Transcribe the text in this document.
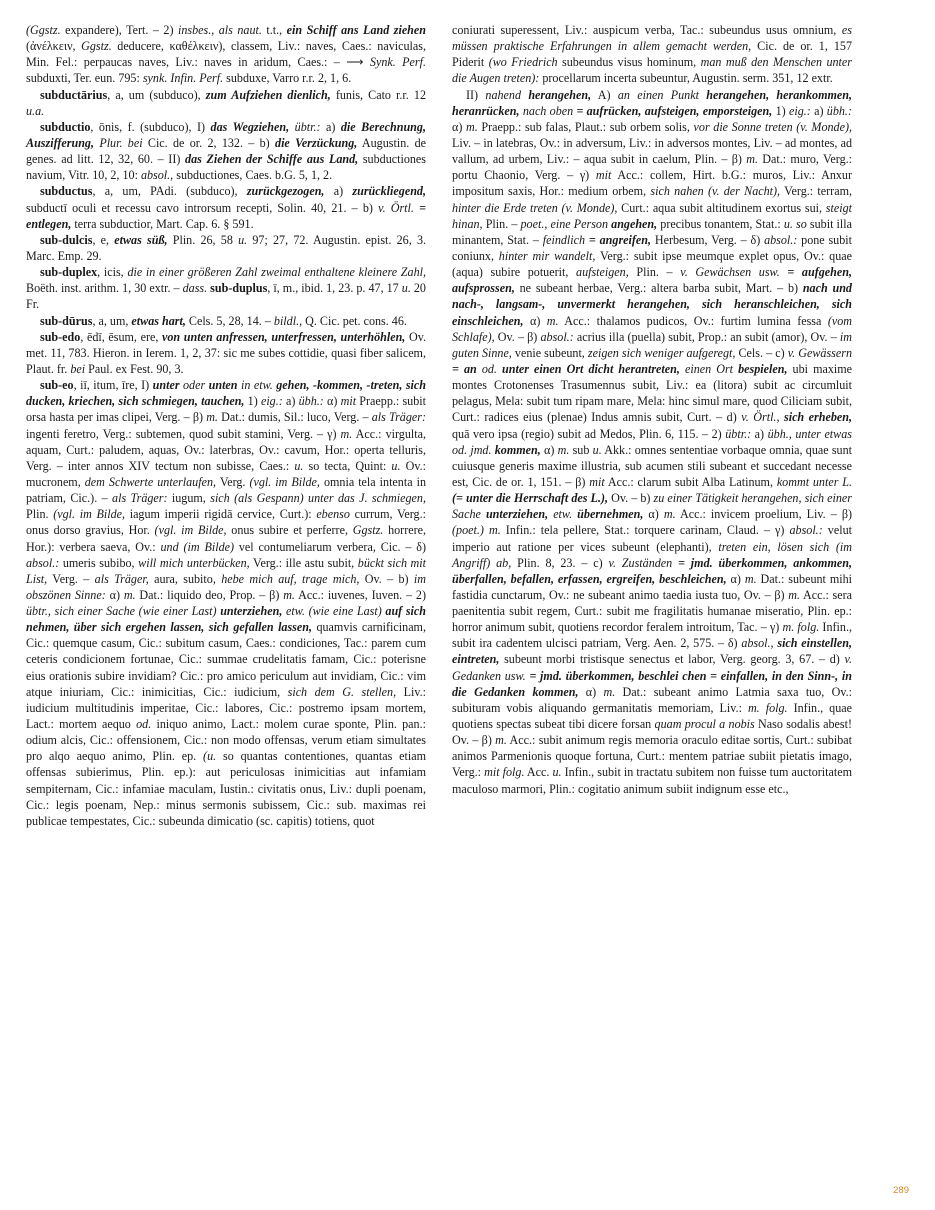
(Ggstz. expandere), Tert. – 2) insbes., als naut. t.t., ein Schiff ans Land ziehen (ἀνέλκειν, Ggstz. deducere, καθέλκειν), classem, Liv.: naves, Caes.: naviculas, Min. Fel.: perpaucas naves, Liv.: naves in aridum, Caes.: – ⟶ Synk. Perf. subduxti, Ter. eun. 795: synk. Infin. Perf. subduxe, Varro r.r. 2, 1, 6.

subductārius, a, um (subduco), zum Aufziehen dienlich, funis, Cato r.r. 12 u.a.

subductio, ōnis, f. (subduco), I) das Wegziehen, übtr.: a) die Berechnung, Auszifferung, Plur. bei Cic. de or. 2, 132. – b) die Verzückung, Augustin. de genes. ad litt. 12, 32, 60. – II) das Ziehen der Schiffe aus Land, subductiones navium, Vitr. 10, 2, 10: absol., subductiones, Caes. b.G. 5, 1, 2.

subductus, a, um, PAdi. (subduco), zurückgezogen, a) zurückliegend, subductī oculi et recessu cavo introrsum recepti, Solin. 40, 21. – b) v. Örtl. = entlegen, terra subductior, Mart. Cap. 6. § 591.

sub-dulcis, e, etwas süß, Plin. 26, 58 u. 97; 27, 72. Augustin. epist. 26, 3. Marc. Emp. 29.

sub-duplex, icis, die in einer größeren Zahl zweimal enthaltene kleinere Zahl, Boëth. inst. arithm. 1, 30 extr. – dass. sub-duplus, ī, m., ibid. 1, 23. p. 47, 17 u. 20 Fr.

sub-dūrus, a, um, etwas hart, Cels. 5, 28, 14. – bildl., Q. Cic. pet. cons. 46.

sub-edo, ēdī, ēsum, ere, von unten anfressen, unterfressen, unterhöhlen, Ov. met. 11, 783. Hieron. in Ierem. 1, 2, 37: sic me subes cottidie, quasi fiber salicem, Plaut. fr. bei Paul. ex Fest. 90, 3.

sub-eo, iī, itum, īre, I) unter oder unten in etw. gehen, -kommen, -treten, sich ducken, kriechen, sich schmiegen, tauchen, 1) eig.: a) übh.: α) mit Praepp.: subit orsa hasta per imas clipei, Verg. – β) m. Dat.: dumis, Sil.: luco, Verg. – als Träger: ingenti feretro, Verg.: subtemen, quod subit stamini, Verg. – γ) m. Acc.: virgulta, aquam, Curt.: paludem, aquas, Ov.: laterbras, Ov.: cavum, Hor.: operta telluris, Verg. – inter annos XIV tectum non subisse, Caes.: u. so tecta, Quint: u. Ov.: mucronem, dem Schwerte unterlaufen, Verg. (vgl. im Bilde, omnia tela intenta in patriam, Cic.). – als Träger: iugum, sich (als Gespann) unter das J. schmiegen, Plin. (vgl. im Bilde, iagum imperii rigidā cervice, Curt.): ebenso currum, Verg.: onus dorso gravius, Hor. (vgl. im Bilde, onus subire et perferre, Ggstz. horrere, Hor.): verbera saeva, Ov.: und (im Bilde) vel contumeliarum verbera, Cic. – δ) absol.: umeris subibo, will mich unterbücken, Verg.: ille astu subit, bückt sich mit List, Verg. – als Träger, aura, subito, hebe mich auf, trage mich, Ov. – b) im obszönen Sinne: α) m. Dat.: liquido deo, Prop. – β) m. Acc.: iuvenes, Iuven. – 2) übtr., sich einer Sache (wie einer Last) unterziehen, etw. (wie eine Last) auf sich nehmen, über sich ergehen lassen, sich gefallen lassen, quamvis carnificinam, Cic.: quemque casum, Cic.: subitum casum, Caes.: condiciones, Tac.: parem cum ceteris condicionem fortunae, Cic.: summae crudelitatis famam, Cic.: poterisne eius orationis subire invidiam? Cic.: pro amico periculum aut invidiam, Cic.: vim atque iniuriam, Cic.: inimicitias, Cic.: iudicium, sich dem G. stellen, Liv.: iudicium multitudinis imperitae, Cic.: labores, Cic.: postremo ipsam mortem, Lact.: mortem aequo od. iniquo animo, Lact.: molem curae sponte, Plin. pan.: odium alcis, Cic.: offensionem, Cic.: non modo offensas, verum etiam simultates pro alqo aequo animo, Plin. ep. (u. so quantas contentiones, quantas etiam offensas subierimus, Plin. ep.): aut periculosas inimicitias aut infamiam sempiternam, Cic.: infamiae maculam, Iustin.: civitatis onus, Liv.: dupli poenam, Cic.: legis poenam, Nep.: minus sermonis subissem, Cic.: sub. maximas rei publicae tempestates, Cic.: subeunda dimicatio (sc. capitis) totiens, quot

coniurati superessent, Liv.: auspicum verba, Tac.: subeundus usus omnium, es müssen praktische Erfahrungen in allem gemacht werden, Cic. de or. 1, 157 Piderit (wo Friedrich subeundus visus hominum, man muß den Menschen unter die Augen treten): procellarum incerta subeuntur, Augustin. serm. 351, 12 extr.

II) nahend herangehen, A) an einen Punkt herangehen, herankommen, heranrücken, nach oben = aufrücken, aufsteigen, emporsteigen, 1) eig.: a) übh.: α) m. Praepp.: sub falas, Plaut.: sub orbem solis, vor die Sonne treten (v. Monde), Liv. – in latebras, Ov.: in adversum, Liv.: in adversos montes, Liv. – ad montes, ad vallum, ad urbem, Liv.: – aqua subit in caelum, Plin. – β) m. Dat.: muro, Verg.: portu Chaonio, Verg. – γ) mit Acc.: collem, Hirt. b.G.: muros, Liv.: Anxur impositum saxis, Hor.: medium orbem, sich nahen (v. der Nacht), Verg.: terram, hinter die Erde treten (v. Monde), Curt.: aqua subit altitudinem exortus sui, steigt hinan, Plin. – poet., eine Person angehen, precibus tonantem, Stat.: u. so subit illa minantem, Stat. – feindlich = angreifen, Herbesum, Verg. – δ) absol.: pone subit coniunx, hinter mir wandelt, Verg.: subit ipse meumque explet opus, Ov.: quae (aqua) subire potuerit, aufsteigen, Plin. – v. Gewächsen usw. = aufgehen, aufsprossen, ne subeant herbae, Verg.: altera barba subit, Mart. – b) nach und nach-, langsam-, unvermerkt herangehen, sich heranschleichen, sich einschleichen, α) m. Acc.: thalamos pudicos, Ov.: furtim lumina fessa (vom Schlafe), Ov. – β) absol.: acrius illa (puella) subit, Prop.: an subit (amor), Ov. – im guten Sinne, venie subeunt, zeigen sich weniger aufgeregt, Cels. – c) v. Gewässern = an od. unter einen Ort dicht herantreten, einen Ort bespielen, ubi maxime montes Crotonenses Trasumennus subit, Liv.: ea (litora) subit ac circumluit pelagus, Mela: subit tum ripam mare, Mela: hinc simul mare, quod Ciliciam subit, Curt.: radices eius (plenae) Indus amnis subit, Curt. – d) v. Örtl., sich erheben, quā vero ipsa (regio) subit ad Medos, Plin. 6, 115. – 2) übtr.: a) übh., unter etwas od. jmd. kommen, α) m. sub u. Akk.: omnes sententiae vorbaque omnia, quae sunt cuiusque generis maxime illustria, sub acumen stili subeant et succedant necesse est, Cic. de or. 1, 151. – β) mit Acc.: clarum subit Alba Latinum, kommt unter L. (= unter die Herrschaft des L.), Ov. – b) zu einer Tätigkeit herangehen, sich einer Sache unterziehen, etw. übernehmen, α) m. Acc.: invicem proelium, Liv. – β) (poet.) m. Infin.: tela pellere, Stat.: torquere carinam, Claud. – γ) absol.: velut imperio aut ratione per vices subeunt (elephanti), treten ein, lösen sich (im Angriff) ab, Plin. 8, 23. – c) v. Zuständen = jmd. überkommen, ankommen, überfallen, befallen, erfassen, ergreifen, beschleichen, α) m. Dat.: subeunt mihi fastidia cunctarum, Ov.: ne subeant animo taedia iusta tuo, Ov. – β) m. Acc.: sera paenitentia subit regem, Curt.: subit me fragilitatis humanae miseratio, Plin. ep.: horror animum subit, quotiens recordor feralem introitum, Tac. – γ) m. folg. Infin., subit ira cadentem ulcisci patriam, Verg. Aen. 2, 575. – δ) absol., sich einstellen, eintreten, subeunt morbi tristisque senectus et labor, Verg. georg. 3, 67. – d) v. Gedanken usw. = jmd. überkommen, beschlei chen = einfallen, in den Sinn-, in die Gedanken kommen, α) m. Dat.: subeant animo Latmia saxa tuo, Ov.: subituram vobis aliquando germanitatis memoriam, Liv.: m. folg. Infin., quae quotiens spectas subeat tibi dicere forsan quam procul a nobis Naso sodalis abest! Ov. – β) m. Acc.: subit animum regis memoria oraculo editae sortis, Curt.: subibat animos Parmenionis quoque fortuna, Curt.: mentem patriae subiit pietatis imago, Verg.: mit folg. Acc. u. Infin., subit in tractatu subitem non fuisse tum auctoritatem maculoso marmori, Plin.: cogitatio animum subiit indignum esse etc.,

289
